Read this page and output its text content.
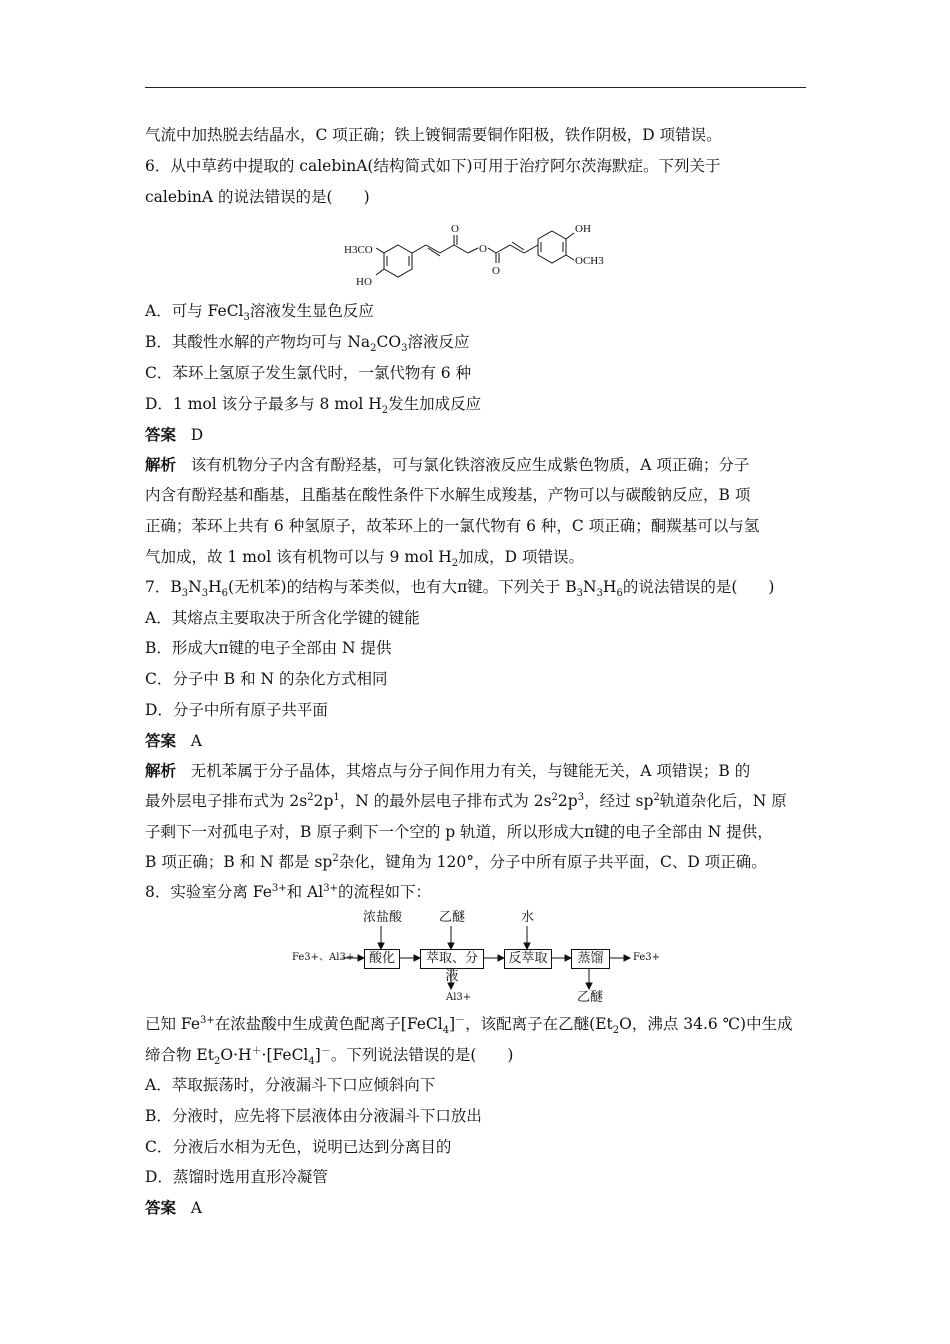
气流中加热脱去结晶水，C 项正确；铁上镀铜需要铜作阳极，铁作阴极，D 项错误。
6．从中草药中提取的 calebinA(结构简式如下)可用于治疗阿尔茨海默症。下列关于
calebinA 的说法错误的是(　　)
H3CO
HO
O
O
O
OH
OCH3
A．可与 FeCl$_3$溶液发生显色反应
B．其酸性水解的产物均可与 $Na_2CO_3$溶液反应
C．苯环上氢原子发生氯代时，一氯代物有 6 种
D．1 mol 该分子最多与 8 mol $H_2$发生加成反应
答案 D
解析 该有机物分子内含有酚羟基，可与氯化铁溶液反应生成紫色物质，A 项正确；分子
内含有酚羟基和酯基，且酯基在酸性条件下水解生成羧基，产物可以与碳酸钠反应，B 项
正确；苯环上共有 6 种氢原子，故苯环上的一氯代物有 6 种，C 项正确；酮羰基可以与氢
气加成，故 1 mol 该有机物可以与 9 mol $H_2$加成，D 项错误。
7．$B_3N_3H_6$(无机苯)的结构与苯类似，也有大π键。下列关于 $B_3N_3H_6$的说法错误的是(　　)
A．其熔点主要取决于所含化学键的键能
B．形成大π键的电子全部由 N 提供
C．分子中 B 和 N 的杂化方式相同
D．分子中所有原子共平面
答案 A
解析 无机苯属于分子晶体，其熔点与分子间作用力有关，与键能无关，A 项错误；B 的
最外层电子排布式为 $2s^22p^1$，N 的最外层电子排布式为 $2s^22p^3$，经过 $sp^2$轨道杂化后，N 原
子剩下一对孤电子对，B 原子剩下一个空的 p 轨道，所以形成大π键的电子全部由 N 提供，
B 项正确；B 和 N 都是 $sp^2$杂化，键角为 120°，分子中所有原子共平面，C、D 项正确。
8．实验室分离 $Fe^{3+}$和 $Al^{3+}$的流程如下：
Fe3+、Al3+
浓盐酸	乙醚	水
酸化	萃取、分液
反萃取	蒸馏
Al3+	乙醚
Fe3+
已知 $Fe^{3+}$在浓盐酸中生成黄色配离子[FeCl$_4$]－，该配离子在乙醚($Et_2O$，沸点 34.6 ℃)中生成
缔合物 $Et_2O\cdot H^+\cdot[FeCl_4]^-$。下列说法错误的是(　　)
A．萃取振荡时，分液漏斗下口应倾斜向下
B．分液时，应先将下层液体由分液漏斗下口放出
C．分液后水相为无色，说明已达到分离目的
D．蒸馏时选用直形冷凝管
答案 A
